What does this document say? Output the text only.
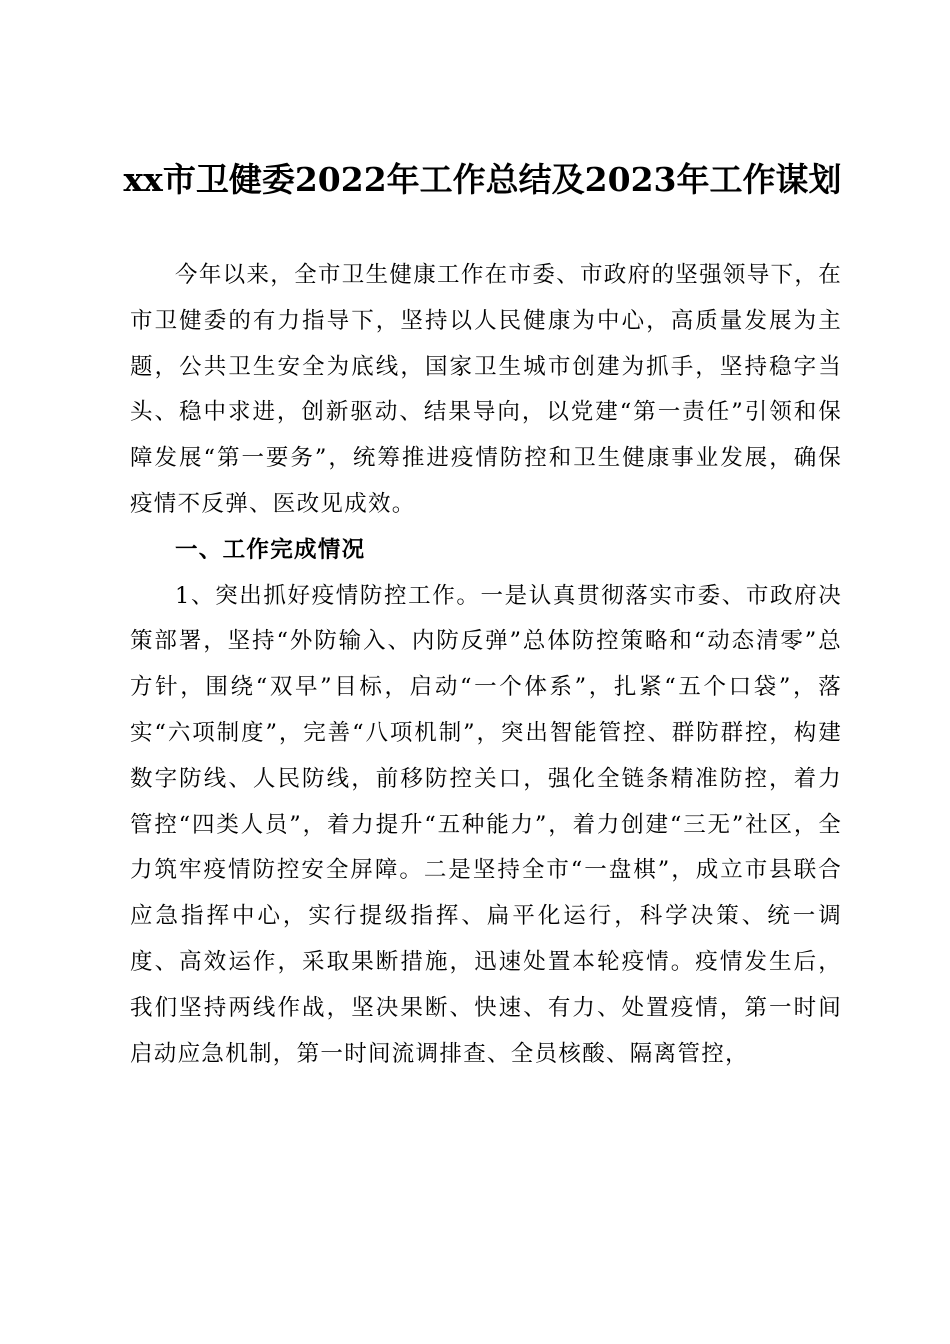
xx市卫健委2022年工作总结及2023年工作谋划

今年以来，全市卫生健康工作在市委、市政府的坚强领导下，在市卫健委的有力指导下，坚持以人民健康为中心，高质量发展为主题，公共卫生安全为底线，国家卫生城市创建为抓手，坚持稳字当头、稳中求进，创新驱动、结果导向，以党建“第一责任”引领和保障发展“第一要务”，统筹推进疫情防控和卫生健康事业发展，确保疫情不反弹、医改见成效。

一、工作完成情况

1、突出抓好疫情防控工作。一是认真贯彻落实市委、市政府决策部署，坚持“外防输入、内防反弹”总体防控策略和“动态清零”总方针，围绕“双早”目标，启动“一个体系”，扎紧“五个口袋”，落实“六项制度”，完善“八项机制”，突出智能管控、群防群控，构建数字防线、人民防线，前移防控关口，强化全链条精准防控，着力管控“四类人员”，着力提升“五种能力”，着力创建“三无”社区，全力筑牢疫情防控安全屏障。二是坚持全市“一盘棋”，成立市县联合应急指挥中心，实行提级指挥、扁平化运行，科学决策、统一调度、高效运作，采取果断措施，迅速处置本轮疫情。疫情发生后，我们坚持两线作战，坚决果断、快速、有力、处置疫情，第一时间启动应急机制，第一时间流调排查、全员核酸、隔离管控，
